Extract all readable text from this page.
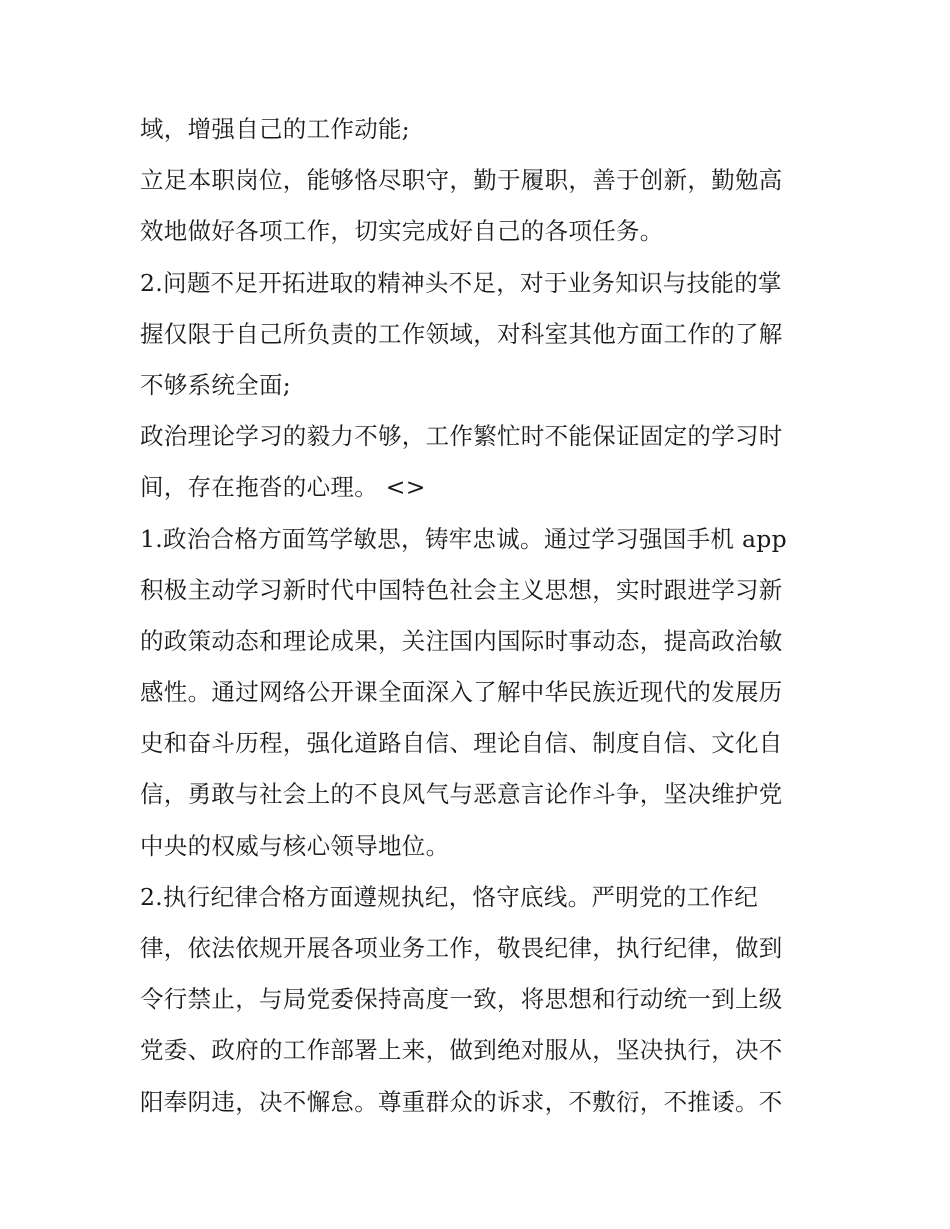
域，增强自己的工作动能;
立足本职岗位，能够恪尽职守，勤于履职，善于创新，勤勉高
效地做好各项工作，切实完成好自己的各项任务。
2.问题不足开拓进取的精神头不足，对于业务知识与技能的掌
握仅限于自己所负责的工作领域，对科室其他方面工作的了解
不够系统全面;
政治理论学习的毅力不够，工作繁忙时不能保证固定的学习时
间，存在拖沓的心理。 <>
1.政治合格方面笃学敏思，铸牢忠诚。通过学习强国手机 app
积极主动学习新时代中国特色社会主义思想，实时跟进学习新
的政策动态和理论成果，关注国内国际时事动态，提高政治敏
感性。通过网络公开课全面深入了解中华民族近现代的发展历
史和奋斗历程，强化道路自信、理论自信、制度自信、文化自
信，勇敢与社会上的不良风气与恶意言论作斗争，坚决维护党
中央的权威与核心领导地位。
2.执行纪律合格方面遵规执纪，恪守底线。严明党的工作纪
律，依法依规开展各项业务工作，敬畏纪律，执行纪律，做到
令行禁止，与局党委保持高度一致，将思想和行动统一到上级
党委、政府的工作部署上来，做到绝对服从，坚决执行，决不
阳奉阴违，决不懈怠。尊重群众的诉求，不敷衍，不推诿。不
